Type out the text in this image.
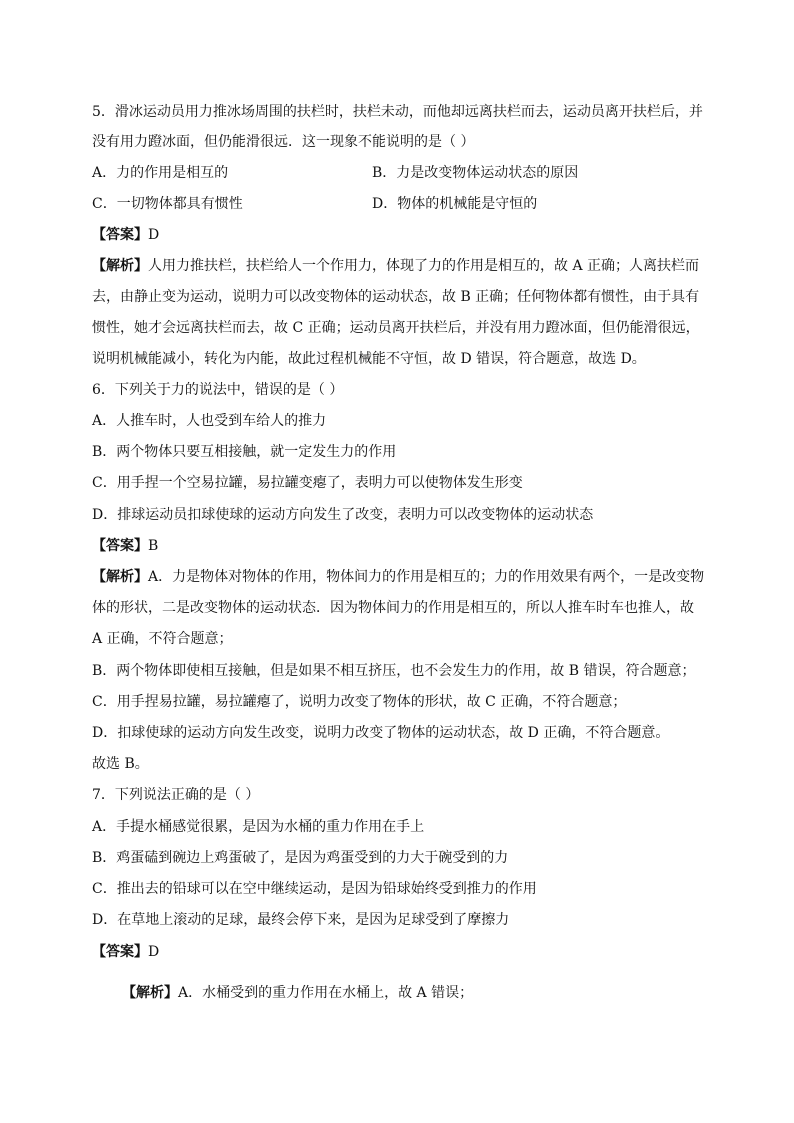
5．滑冰运动员用力推冰场周围的扶栏时，扶栏未动，而他却远离扶栏而去，运动员离开扶栏后，并
没有用力蹬冰面，但仍能滑很远．这一现象不能说明的是（ ）
A．力的作用是相互的	B．力是改变物体运动状态的原因
C．一切物体都具有惯性	D．物体的机械能是守恒的
【答案】D
【解析】人用力推扶栏，扶栏给人一个作用力，体现了力的作用是相互的，故 A 正确；人离扶栏而
去，由静止变为运动，说明力可以改变物体的运动状态，故 B 正确；任何物体都有惯性，由于具有
惯性，她才会远离扶栏而去，故 C 正确；运动员离开扶栏后，并没有用力蹬冰面，但仍能滑很远，
说明机械能减小，转化为内能，故此过程机械能不守恒，故 D 错误，符合题意，故选 D。
6．下列关于力的说法中，错误的是（ ）
A．人推车时，人也受到车给人的推力
B．两个物体只要互相接触，就一定发生力的作用
C．用手捏一个空易拉罐，易拉罐变瘪了，表明力可以使物体发生形变
D．排球运动员扣球使球的运动方向发生了改变，表明力可以改变物体的运动状态
【答案】B
【解析】A．力是物体对物体的作用，物体间力的作用是相互的；力的作用效果有两个，一是改变物
体的形状，二是改变物体的运动状态．因为物体间力的作用是相互的，所以人推车时车也推人，故
A 正确，不符合题意；
B．两个物体即使相互接触，但是如果不相互挤压，也不会发生力的作用，故 B 错误，符合题意；
C．用手捏易拉罐，易拉罐瘪了，说明力改变了物体的形状，故 C 正确，不符合题意；
D．扣球使球的运动方向发生改变，说明力改变了物体的运动状态，故 D 正确，不符合题意。
故选 B。
7．下列说法正确的是（ ）
A．手提水桶感觉很累，是因为水桶的重力作用在手上
B．鸡蛋磕到碗边上鸡蛋破了，是因为鸡蛋受到的力大于碗受到的力
C．推出去的铅球可以在空中继续运动，是因为铅球始终受到推力的作用
D．在草地上滚动的足球，最终会停下来，是因为足球受到了摩擦力
【答案】D
【解析】A．水桶受到的重力作用在水桶上，故 A 错误；
